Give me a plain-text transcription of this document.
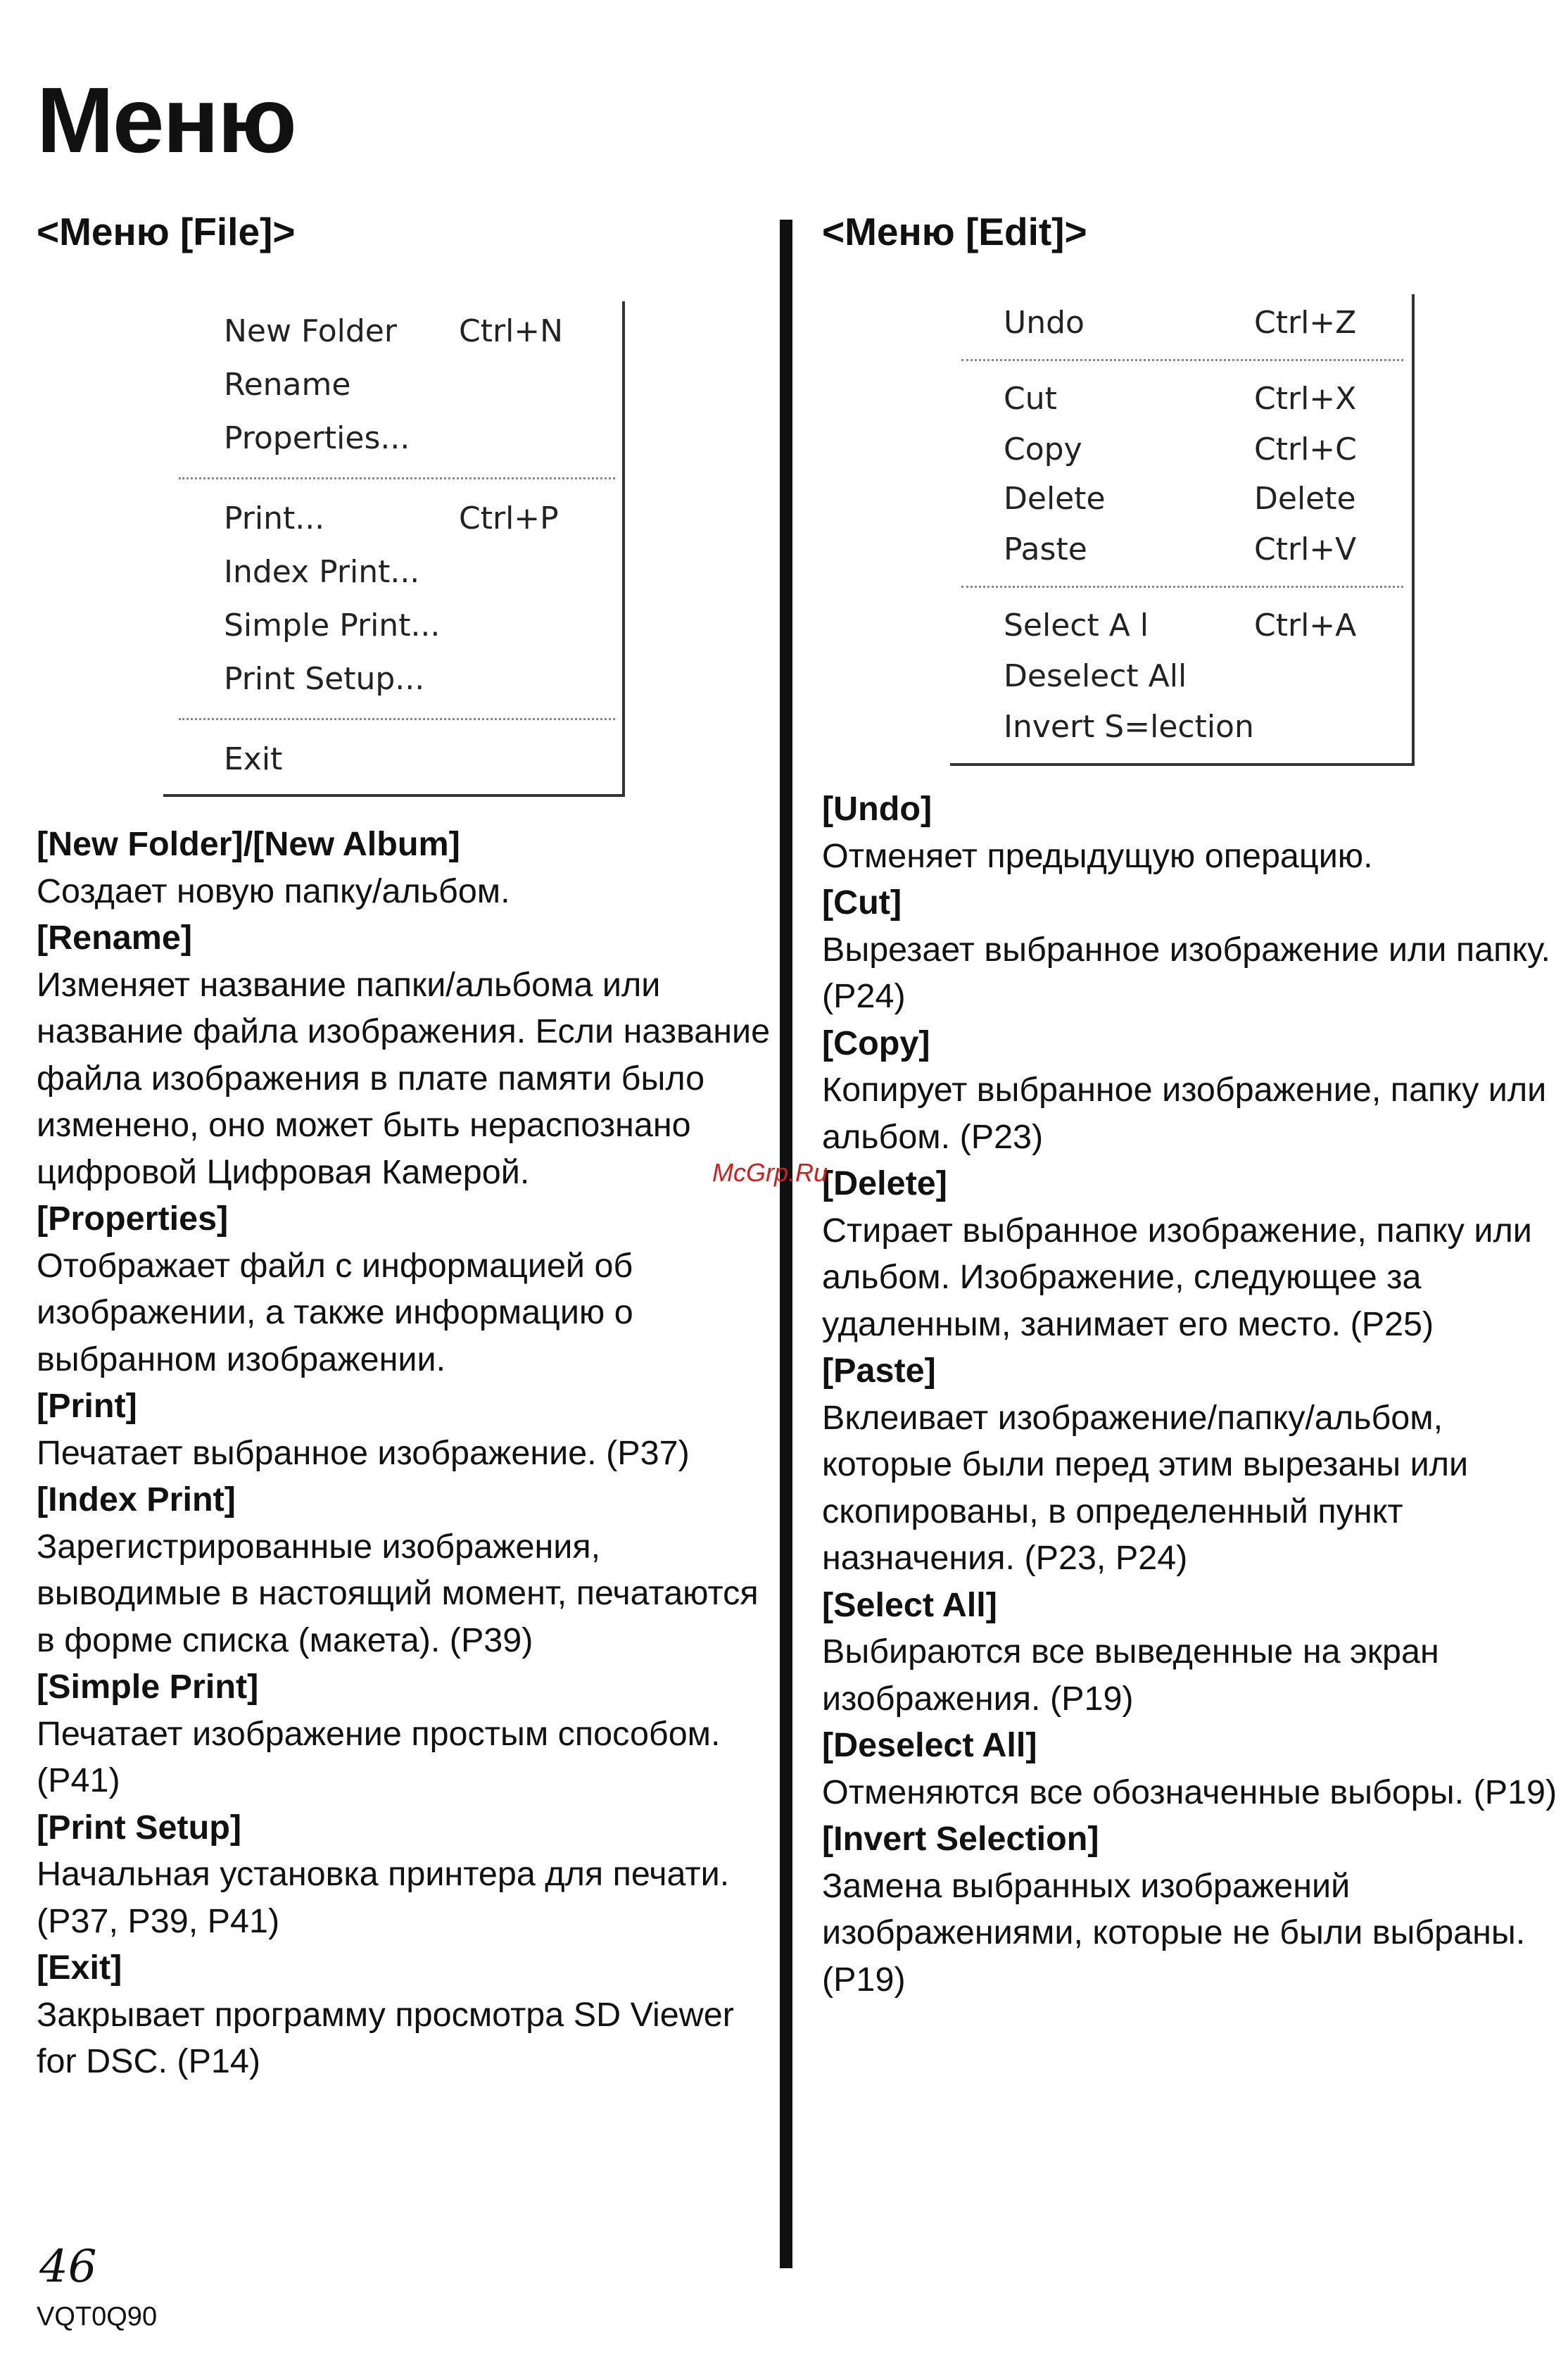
Меню
<Меню [File]>	<Меню [Edit]>
New Folder Ctrl+N
Rename
Properties...
Print...	Ctrl+P
Index Print...
Simple Print...
Print Setup...
Exit
Undo	Ctrl+Z
Cut	Ctrl+X
Copy	Ctrl+C
Delete	Delete
Paste	Ctrl+V
Select A l	Ctrl+A
Deselect All
Invert S=lection
[New Folder]/[New Album]
Создает новую папку/альбом.
[Rename]
Изменяет название папки/альбома или название файла изображения. Если название файла изображения в плате памяти было изменено, оно может быть нераспознано цифровой Цифровая Камерой.
[Properties]
Отображает файл с информацией об изображении, а также информацию о выбранном изображении.
[Print]
Печатает выбранное изображение. (P37)
[Index Print]
Зарегистрированные изображения, выводимые в настоящий момент, печатаются в форме списка (макета). (P39)
[Simple Print]
Печатает изображение простым способом. (P41)
[Print Setup]
Начальная установка принтера для печати. (P37, P39, P41)
[Exit]
Закрывает программу просмотра SD Viewer for DSC. (P14)
[Undo]
Отменяет предыдущую операцию.
[Cut]
Вырезает выбранное изображение или папку. (P24)
[Copy]
Копирует выбранное изображение, папку или альбом. (P23)
[Delete]
Стирает выбранное изображение, папку или альбом. Изображение, следующее за удаленным, занимает его место. (P25)
[Paste]
Вклеивает изображение/папку/альбом, которые были перед этим вырезаны или скопированы, в определенный пункт назначения. (P23, P24)
[Select All]
Выбираются все выведенные на экран изображения. (P19)
[Deselect All]
Отменяются все обозначенные выборы. (P19)
[Invert Selection]
Замена выбранных изображений изображениями, которые не были выбраны. (P19)
McGrp.Ru
46
VQT0Q90
